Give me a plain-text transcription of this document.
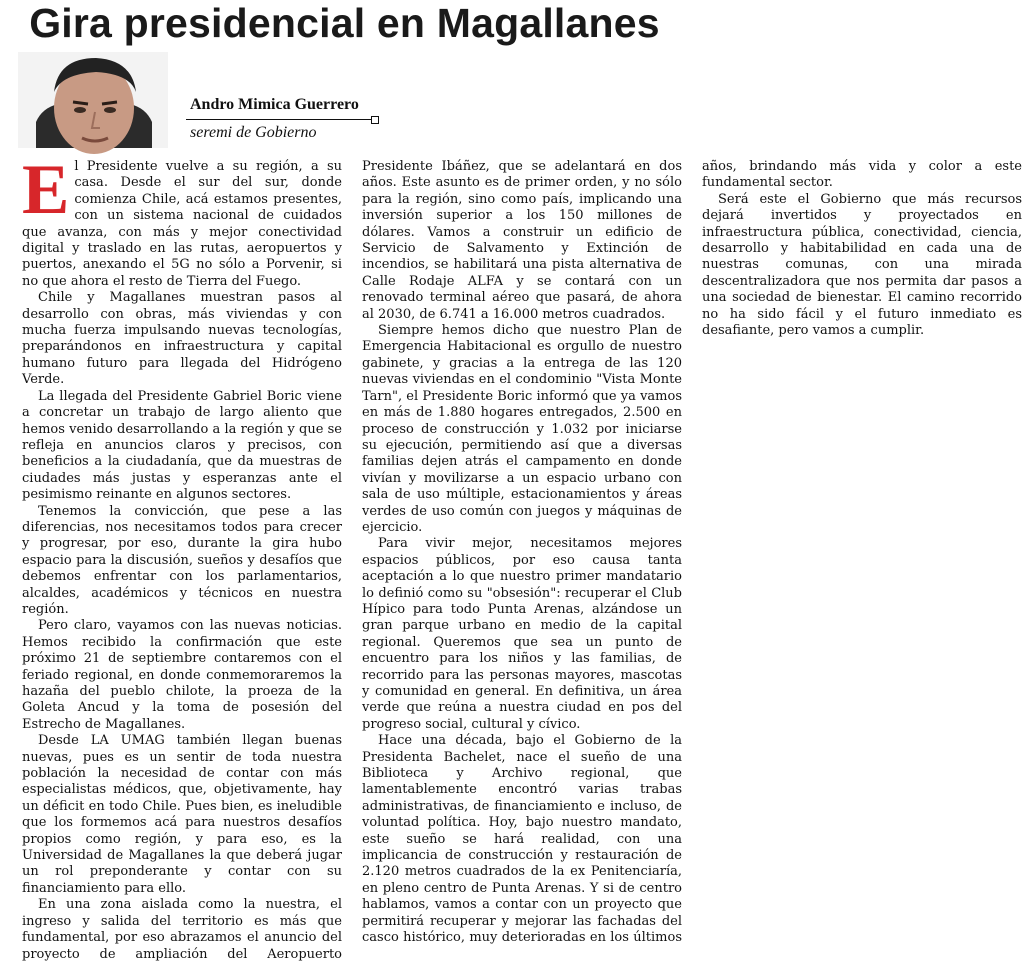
Gira presidencial en Magallanes
Andro Mimica Guerrero
seremi de Gobierno

El Presidente vuelve a su región, a su casa. Desde el sur del sur, donde comienza Chile, acá estamos presentes, con un sistema nacional de cuidados que avanza, con más y mejor conectividad digital y traslado en las rutas, aeropuertos y puertos, anexando el 5G no sólo a Porvenir, si no que ahora el resto de Tierra del Fuego.

Chile y Magallanes muestran pasos al desarrollo con obras, más viviendas y con mucha fuerza impulsando nuevas tecnologías, preparándonos en infraestructura y capital humano futuro para llegada del Hidrógeno Verde.

La llegada del Presidente Gabriel Boric viene a concretar un trabajo de largo aliento que hemos venido desarrollando a la región y que se refleja en anuncios claros y precisos, con beneficios a la ciudadanía, que da muestras de ciudades más justas y esperanzas ante el pesimismo reinante en algunos sectores.

Tenemos la convicción, que pese a las diferencias, nos necesitamos todos para crecer y progresar, por eso, durante la gira hubo espacio para la discusión, sueños y desafíos que debemos enfrentar con los parlamentarios, alcaldes, académicos y técnicos en nuestra región.

Pero claro, vayamos con las nuevas noticias. Hemos recibido la confirmación que este próximo 21 de septiembre contaremos con el feriado regional, en donde conmemoraremos la hazaña del pueblo chilote, la proeza de la Goleta Ancud y la toma de posesión del Estrecho de Magallanes.

Desde LA UMAG también llegan buenas nuevas, pues es un sentir de toda nuestra población la necesidad de contar con más especialistas médicos, que, objetivamente, hay un déficit en todo Chile. Pues bien, es ineludible que los formemos acá para nuestros desafíos propios como región, y para eso, es la Universidad de Magallanes la que deberá jugar un rol preponderante y contar con su financiamiento para ello.

En una zona aislada como la nuestra, el ingreso y salida del territorio es más que fundamental, por eso abrazamos el anuncio del proyecto de ampliación del Aeropuerto Presidente Ibáñez, que se adelantará en dos años. Este asunto es de primer orden, y no sólo para la región, sino como país, implicando una inversión superior a los 150 millones de dólares. Vamos a construir un edificio de Servicio de Salvamento y Extinción de incendios, se habilitará una pista alternativa de Calle Rodaje ALFA y se contará con un renovado terminal aéreo que pasará, de ahora al 2030, de 6.741 a 16.000 metros cuadrados.

Siempre hemos dicho que nuestro Plan de Emergencia Habitacional es orgullo de nuestro gabinete, y gracias a la entrega de las 120 nuevas viviendas en el condominio "Vista Monte Tarn", el Presidente Boric informó que ya vamos en más de 1.880 hogares entregados, 2.500 en proceso de construcción y 1.032 por iniciarse su ejecución, permitiendo así que a diversas familias dejen atrás el campamento en donde vivían y movilizarse a un espacio urbano con sala de uso múltiple, estacionamientos y áreas verdes de uso común con juegos y máquinas de ejercicio.

Para vivir mejor, necesitamos mejores espacios públicos, por eso causa tanta aceptación a lo que nuestro primer mandatario lo definió como su "obsesión": recuperar el Club Hípico para todo Punta Arenas, alzándose un gran parque urbano en medio de la capital regional. Queremos que sea un punto de encuentro para los niños y las familias, de recorrido para las personas mayores, mascotas y comunidad en general. En definitiva, un área verde que reúna a nuestra ciudad en pos del progreso social, cultural y cívico.

Hace una década, bajo el Gobierno de la Presidenta Bachelet, nace el sueño de una Biblioteca y Archivo regional, que lamentablemente encontró varias trabas administrativas, de financiamiento e incluso, de voluntad política. Hoy, bajo nuestro mandato, este sueño se hará realidad, con una implicancia de construcción y restauración de 2.120 metros cuadrados de la ex Penitenciaría, en pleno centro de Punta Arenas. Y si de centro hablamos, vamos a contar con un proyecto que permitirá recuperar y mejorar las fachadas del casco histórico, muy deterioradas en los últimos años, brindando más vida y color a este fundamental sector.

Será este el Gobierno que más recursos dejará invertidos y proyectados en infraestructura pública, conectividad, ciencia, desarrollo y habitabilidad en cada una de nuestras comunas, con una mirada descentralizadora que nos permita dar pasos a una sociedad de bienestar. El camino recorrido no ha sido fácil y el futuro inmediato es desafiante, pero vamos a cumplir.
